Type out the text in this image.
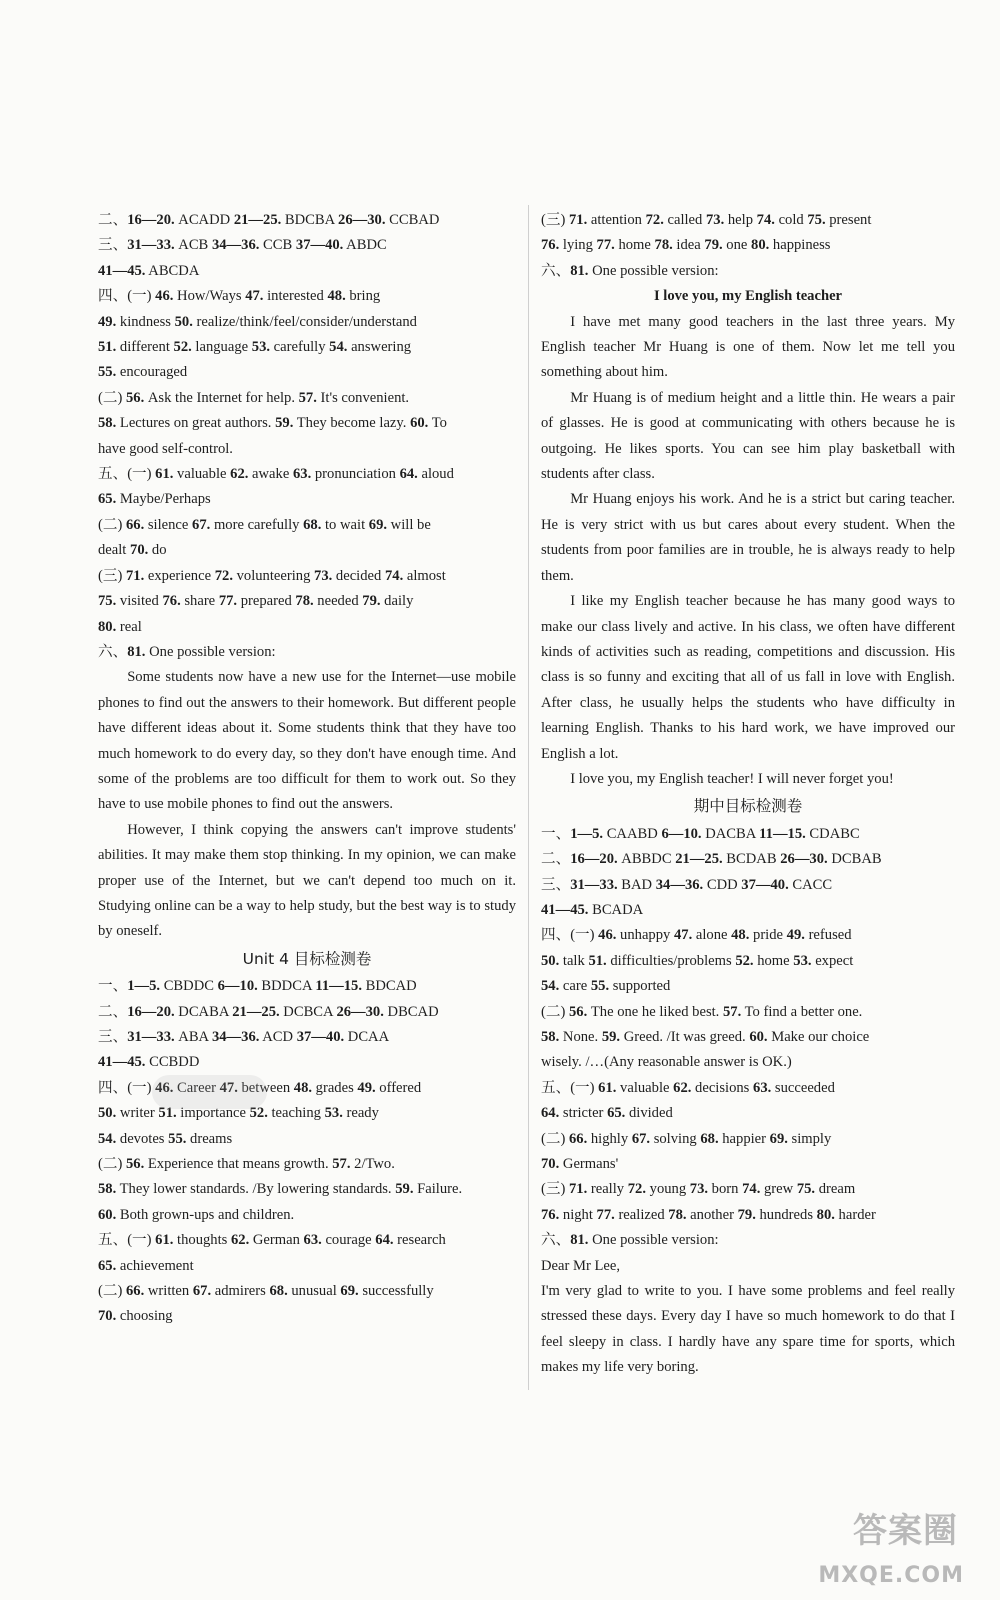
二、16—20. ACADD 21—25. BDCBA 26—30. CCBAD
三、31—33. ACB 34—36. CCB 37—40. ABDC
41—45. ABCDA
四、(一) 46. How/Ways 47. interested 48. bring
49. kindness 50. realize/think/feel/consider/understand
51. different 52. language 53. carefully 54. answering
55. encouraged
(二) 56. Ask the Internet for help. 57. It's convenient.
58. Lectures on great authors. 59. They become lazy. 60. To
have good self-control.
五、(一) 61. valuable 62. awake 63. pronunciation 64. aloud
65. Maybe/Perhaps
(二) 66. silence 67. more carefully 68. to wait 69. will be
dealt 70. do
(三) 71. experience 72. volunteering 73. decided 74. almost
75. visited 76. share 77. prepared 78. needed 79. daily
80. real
六、81. One possible version:
Some students now have a new use for the Internet—use mobile phones to find out the answers to their homework. But different people have different ideas about it. Some students think that they have too much homework to do every day, so they don't have enough time. And some of the problems are too difficult for them to work out. So they have to use mobile phones to find out the answers.
However, I think copying the answers can't improve students' abilities. It may make them stop thinking. In my opinion, we can make proper use of the Internet, but we can't depend too much on it. Studying online can be a way to help study, but the best way is to study by oneself.
Unit 4 目标检测卷
一、1—5. CBDDC 6—10. BDDCA 11—15. BDCAD
二、16—20. DCABA 21—25. DCBCA 26—30. DBCAD
三、31—33. ABA 34—36. ACD 37—40. DCAA
41—45. CCBDD
四、(一) 46. Career 47. between 48. grades 49. offered
50. writer 51. importance 52. teaching 53. ready
54. devotes 55. dreams
(二) 56. Experience that means growth. 57. 2/Two.
58. They lower standards. /By lowering standards. 59. Failure.
60. Both grown-ups and children.
五、(一) 61. thoughts 62. German 63. courage 64. research
65. achievement
(二) 66. written 67. admirers 68. unusual 69. successfully
70. choosing
(三) 71. attention 72. called 73. help 74. cold 75. present
76. lying 77. home 78. idea 79. one 80. happiness
六、81. One possible version:
I love you, my English teacher
I have met many good teachers in the last three years. My English teacher Mr Huang is one of them. Now let me tell you something about him.
Mr Huang is of medium height and a little thin. He wears a pair of glasses. He is good at communicating with others because he is outgoing. He likes sports. You can see him play basketball with students after class.
Mr Huang enjoys his work. And he is a strict but caring teacher. He is very strict with us but cares about every student. When the students from poor families are in trouble, he is always ready to help them.
I like my English teacher because he has many good ways to make our class lively and active. In his class, we often have different kinds of activities such as reading, competitions and discussion. His class is so funny and exciting that all of us fall in love with English. After class, he usually helps the students who have difficulty in learning English. Thanks to his hard work, we have improved our English a lot.
I love you, my English teacher! I will never forget you!
期中目标检测卷
一、1—5. CAABD 6—10. DACBA 11—15. CDABC
二、16—20. ABBDC 21—25. BCDAB 26—30. DCBAB
三、31—33. BAD 34—36. CDD 37—40. CACC
41—45. BCADA
四、(一) 46. unhappy 47. alone 48. pride 49. refused
50. talk 51. difficulties/problems 52. home 53. expect
54. care 55. supported
(二) 56. The one he liked best. 57. To find a better one.
58. None. 59. Greed. /It was greed. 60. Make our choice
wisely. /…(Any reasonable answer is OK.)
五、(一) 61. valuable 62. decisions 63. succeeded
64. stricter 65. divided
(二) 66. highly 67. solving 68. happier 69. simply
70. Germans'
(三) 71. really 72. young 73. born 74. grew 75. dream
76. night 77. realized 78. another 79. hundreds 80. harder
六、81. One possible version:
Dear Mr Lee,
I'm very glad to write to you. I have some problems and feel really stressed these days. Every day I have so much homework to do that I feel sleepy in class. I hardly have any spare time for sports, which makes my life very boring.
答案圈
MXQE.COM
